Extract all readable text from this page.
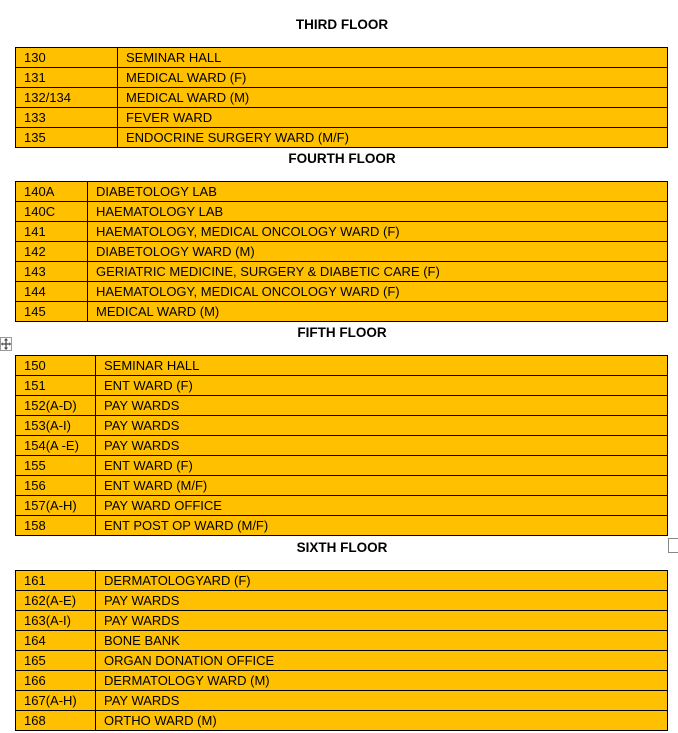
THIRD FLOOR
130	SEMINAR HALL
131	MEDICAL WARD (F)
132/134	MEDICAL WARD (M)
133	FEVER WARD
135	ENDOCRINE SURGERY WARD (M/F)
FOURTH FLOOR
140A	DIABETOLOGY LAB
140C	HAEMATOLOGY LAB
141	HAEMATOLOGY, MEDICAL ONCOLOGY WARD (F)
142	DIABETOLOGY WARD (M)
143	GERIATRIC MEDICINE, SURGERY & DIABETIC CARE (F)
144	HAEMATOLOGY, MEDICAL ONCOLOGY WARD (F)
145	MEDICAL WARD (M)
FIFTH FLOOR
150	SEMINAR HALL
151	ENT WARD (F)
152(A-D)	PAY WARDS
153(A-I)	PAY WARDS
154(A -E)	PAY WARDS
155	ENT WARD (F)
156	ENT WARD (M/F)
157(A-H)	PAY WARD OFFICE
158	ENT POST OP WARD (M/F)
SIXTH FLOOR
161	DERMATOLOGYARD (F)
162(A-E)	PAY WARDS
163(A-I)	PAY WARDS
164	BONE BANK
165	ORGAN DONATION OFFICE
166	DERMATOLOGY WARD (M)
167(A-H)	PAY WARDS
168	ORTHO WARD (M)
